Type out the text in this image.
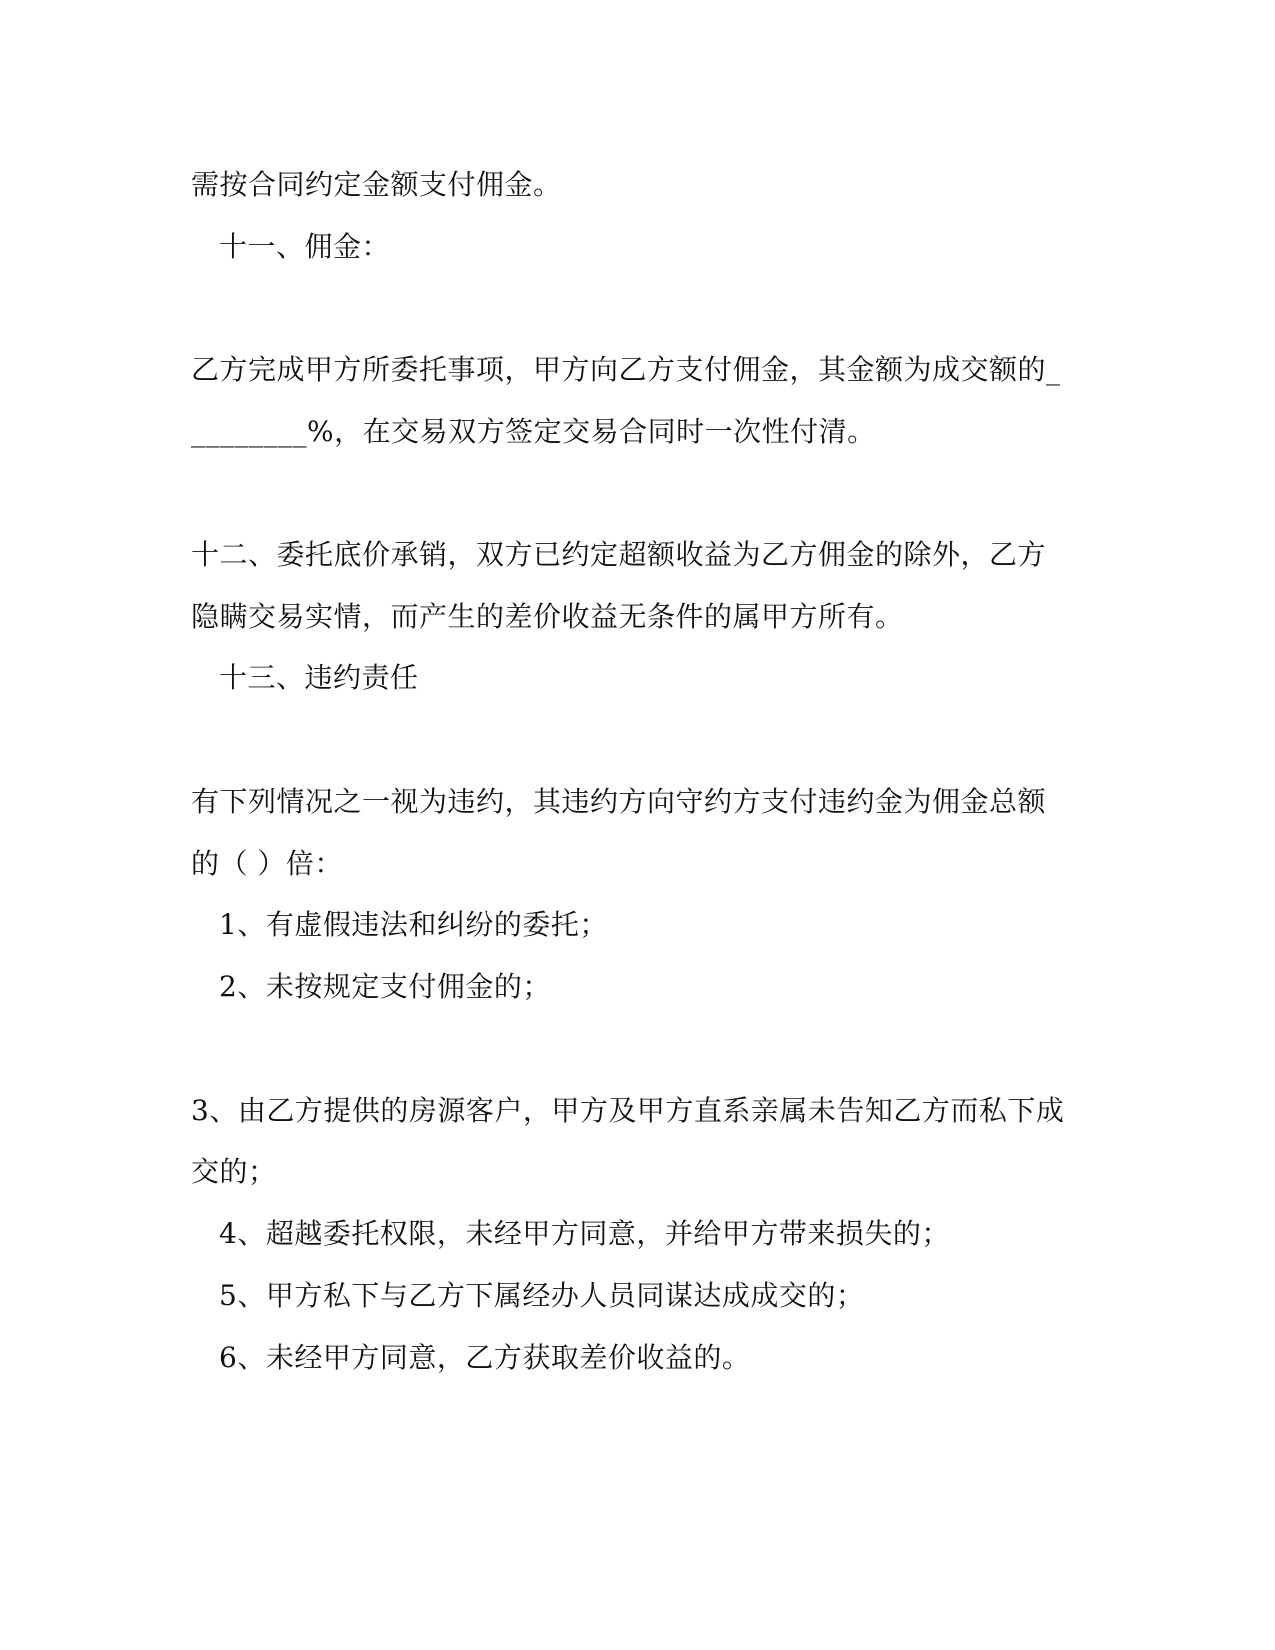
需按合同约定金额支付佣金。
十一、佣金：
乙方完成甲方所委托事项，甲方向乙方支付佣金，其金额为成交额的_
________%，在交易双方签定交易合同时一次性付清。
十二、委托底价承销，双方已约定超额收益为乙方佣金的除外，乙方
隐瞒交易实情，而产生的差价收益无条件的属甲方所有。
十三、违约责任
有下列情况之一视为违约，其违约方向守约方支付违约金为佣金总额
的（ ）倍：
1、有虚假违法和纠纷的委托；
2、未按规定支付佣金的；
3、由乙方提供的房源客户，甲方及甲方直系亲属未告知乙方而私下成
交的；
4、超越委托权限，未经甲方同意，并给甲方带来损失的；
5、甲方私下与乙方下属经办人员同谋达成成交的；
6、未经甲方同意，乙方获取差价收益的。
